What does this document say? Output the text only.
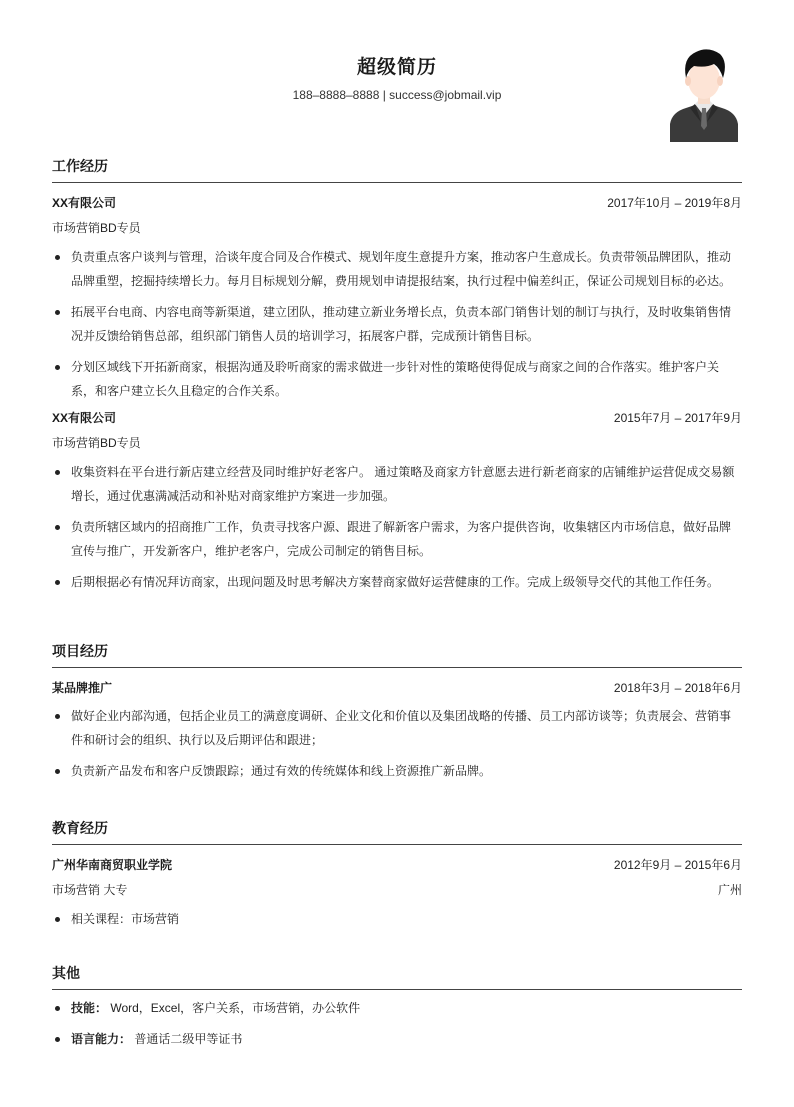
超级简历
188–8888–8888 | success@jobmail.vip
工作经历
XX有限公司	2017年10月 – 2019年8月
市场营销BD专员
负责重点客户谈判与管理，洽谈年度合同及合作模式、规划年度生意提升方案，推动客户生意成长。负责带领品牌团队，推动品牌重塑，挖掘持续增长力。每月目标规划分解，费用规划申请提报结案，执行过程中偏差纠正，保证公司规划目标的必达。
拓展平台电商、内容电商等新渠道，建立团队，推动建立新业务增长点，负责本部门销售计划的制订与执行，及时收集销售情况并反馈给销售总部，组织部门销售人员的培训学习，拓展客户群，完成预计销售目标。
分划区域线下开拓新商家，根据沟通及聆听商家的需求做进一步针对性的策略使得促成与商家之间的合作落实。维护客户关系，和客户建立长久且稳定的合作关系。
XX有限公司	2015年7月 – 2017年9月
市场营销BD专员
收集资料在平台进行新店建立经营及同时维护好老客户。 通过策略及商家方针意愿去进行新老商家的店铺维护运营促成交易额增长，通过优惠满减活动和补贴对商家维护方案进一步加强。
负责所辖区域内的招商推广工作，负责寻找客户源、跟进了解新客户需求，为客户提供咨询，收集辖区内市场信息，做好品牌宣传与推广，开发新客户，维护老客户，完成公司制定的销售目标。
后期根据必有情况拜访商家，出现问题及时思考解决方案替商家做好运营健康的工作。完成上级领导交代的其他工作任务。
项目经历
某品牌推广	2018年3月 – 2018年6月
做好企业内部沟通，包括企业员工的满意度调研、企业文化和价值以及集团战略的传播、员工内部访谈等；负责展会、营销事件和研讨会的组织、执行以及后期评估和跟进；
负责新产品发布和客户反馈跟踪；通过有效的传统媒体和线上资源推广新品牌。
教育经历
广州华南商贸职业学院	2012年9月 – 2015年6月
市场营销 大专	广州
相关课程：市场营销
其他
技能： Word，Excel，客户关系，市场营销，办公软件
语言能力： 普通话二级甲等证书
